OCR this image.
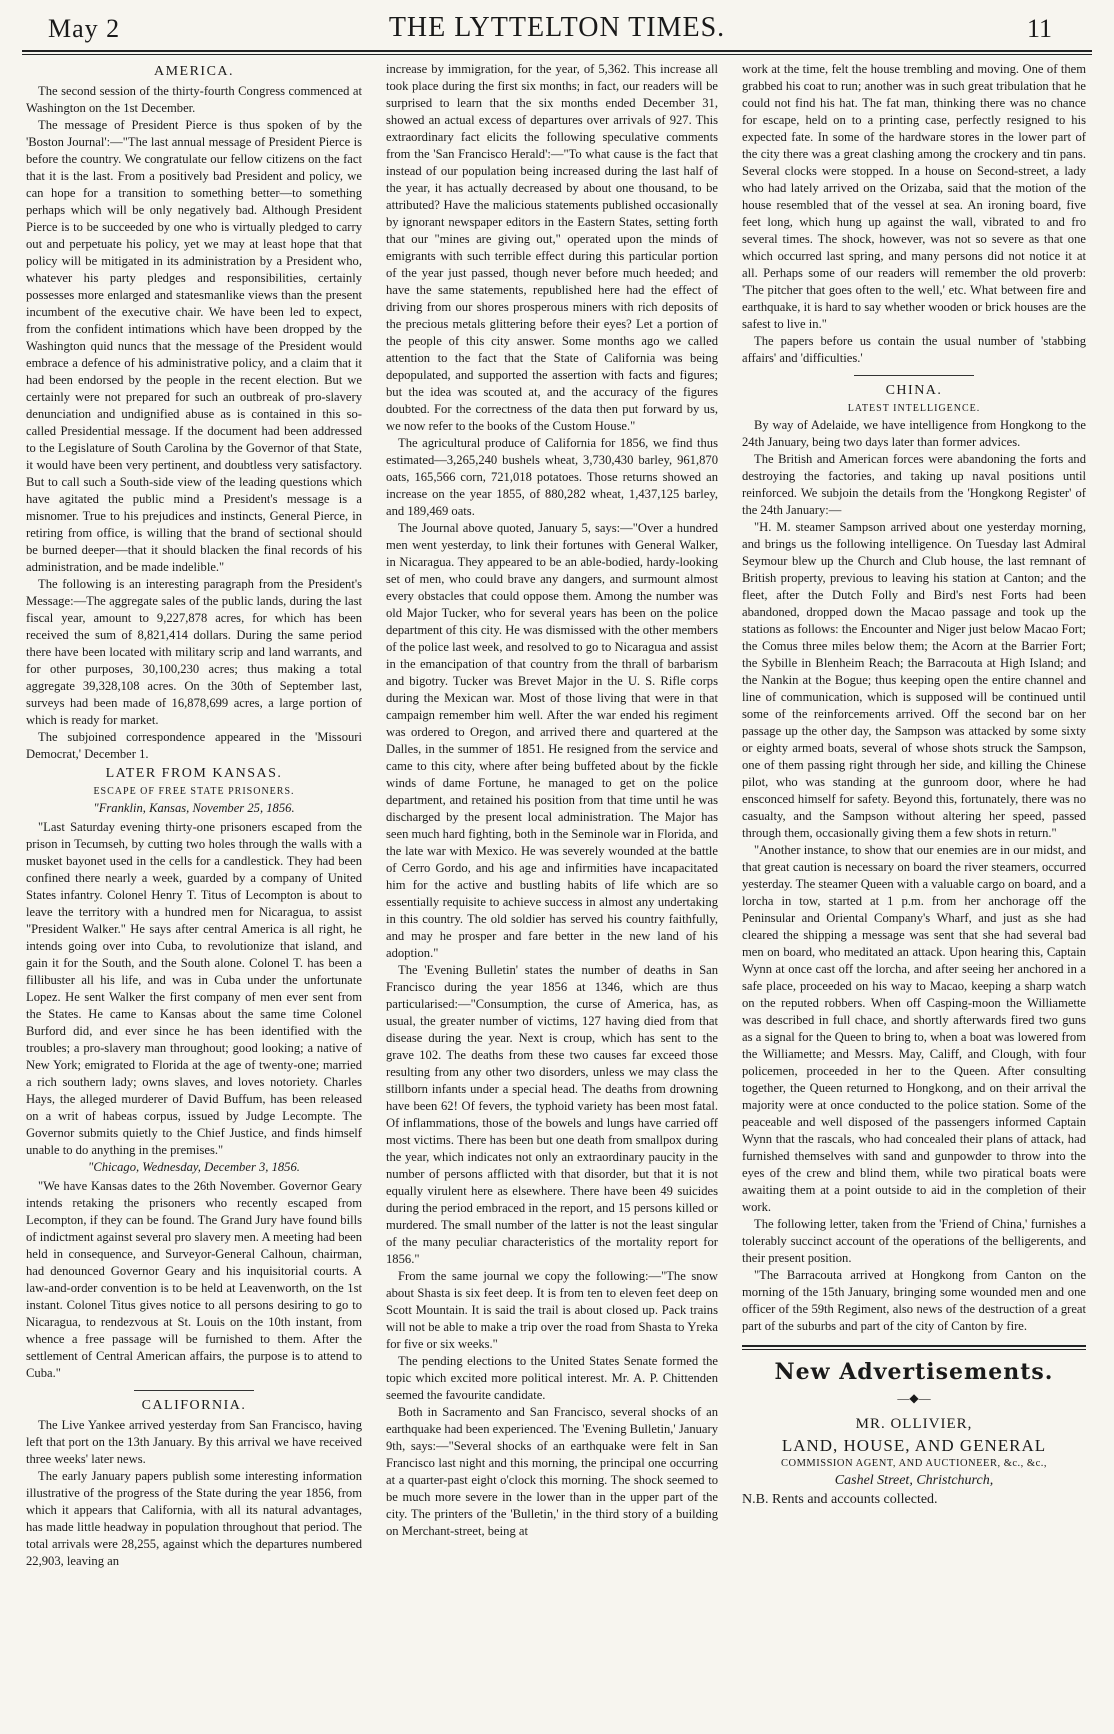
May 2	THE LYTTELTON TIMES.	11
AMERICA.

The second session of the thirty-fourth Congress commenced at Washington on the 1st December.

The message of President Pierce is thus spoken of by the 'Boston Journal':—"The last annual message of President Pierce is before the country. We congratulate our fellow citizens on the fact that it is the last. From a positively bad President and policy, we can hope for a transition to something better—to something perhaps which will be only negatively bad. Although President Pierce is to be succeeded by one who is virtually pledged to carry out and perpetuate his policy, yet we may at least hope that that policy will be mitigated in its administration by a President who, whatever his party pledges and responsibilities, certainly possesses more enlarged and statesmanlike views than the present incumbent of the executive chair. We have been led to expect, from the confident intimations which have been dropped by the Washington quid nuncs that the message of the President would embrace a defence of his administrative policy, and a claim that it had been endorsed by the people in the recent election. But we certainly were not prepared for such an outbreak of pro-slavery denunciation and undignified abuse as is contained in this so-called Presidential message. If the document had been addressed to the Legislature of South Carolina by the Governor of that State, it would have been very pertinent, and doubtless very satisfactory. But to call such a South-side view of the leading questions which have agitated the public mind a President's message is a misnomer. True to his prejudices and instincts, General Pierce, in retiring from office, is willing that the brand of sectional should be burned deeper—that it should blacken the final records of his administration, and be made indelible."

The following is an interesting paragraph from the President's Message:—The aggregate sales of the public lands, during the last fiscal year, amount to 9,227,878 acres, for which has been received the sum of 8,821,414 dollars. During the same period there have been located with military scrip and land warrants, and for other purposes, 30,100,230 acres; thus making a total aggregate 39,328,108 acres. On the 30th of September last, surveys had been made of 16,878,699 acres, a large portion of which is ready for market.

The subjoined correspondence appeared in the 'Missouri Democrat,' December 1.

LATER FROM KANSAS.
ESCAPE OF FREE STATE PRISONERS.
"Franklin, Kansas, November 25, 1856.

"Last Saturday evening thirty-one prisoners escaped from the prison in Tecumseh, by cutting two holes through the walls with a musket bayonet used in the cells for a candlestick. They had been confined there nearly a week, guarded by a company of United States infantry. Colonel Henry T. Titus of Lecompton is about to leave the territory with a hundred men for Nicaragua, to assist "President Walker." He says after central America is all right, he intends going over into Cuba, to revolutionize that island, and gain it for the South, and the South alone. Colonel T. has been a fillibuster all his life, and was in Cuba under the unfortunate Lopez. He sent Walker the first company of men ever sent from the States. He came to Kansas about the same time Colonel Burford did, and ever since he has been identified with the troubles; a pro-slavery man throughout; good looking; a native of New York; emigrated to Florida at the age of twenty-one; married a rich southern lady; owns slaves, and loves notoriety. Charles Hays, the alleged murderer of David Buffum, has been released on a writ of habeas corpus, issued by Judge Lecompte. The Governor submits quietly to the Chief Justice, and finds himself unable to do anything in the premises."

"Chicago, Wednesday, December 3, 1856.

"We have Kansas dates to the 26th November. Governor Geary intends retaking the prisoners who recently escaped from Lecompton, if they can be found. The Grand Jury have found bills of indictment against several pro slavery men. A meeting had been held in consequence, and Surveyor-General Calhoun, chairman, had denounced Governor Geary and his inquisitorial courts. A law-and-order convention is to be held at Leavenworth, on the 1st instant. Colonel Titus gives notice to all persons desiring to go to Nicaragua, to rendezvous at St. Louis on the 10th instant, from whence a free passage will be furnished to them. After the settlement of Central American affairs, the purpose is to attend to Cuba."

CALIFORNIA.

The Live Yankee arrived yesterday from San Francisco, having left that port on the 13th January. By this arrival we have received three weeks' later news.

The early January papers publish some interesting information illustrative of the progress of the State during the year 1856, from which it appears that California, with all its natural advantages, has made little headway in population throughout that period. The total arrivals were 28,255, against which the departures numbered 22,903, leaving an

increase by immigration, for the year, of 5,362. This increase all took place during the first six months; in fact, our readers will be surprised to learn that the six months ended December 31, showed an actual excess of departures over arrivals of 927. This extraordinary fact elicits the following speculative comments from the 'San Francisco Herald':—"To what cause is the fact that instead of our population being increased during the last half of the year, it has actually decreased by about one thousand, to be attributed? Have the malicious statements published occasionally by ignorant newspaper editors in the Eastern States, setting forth that our "mines are giving out," operated upon the minds of emigrants with such terrible effect during this particular portion of the year just passed, though never before much heeded; and have the same statements, republished here had the effect of driving from our shores prosperous miners with rich deposits of the precious metals glittering before their eyes? Let a portion of the people of this city answer. Some months ago we called attention to the fact that the State of California was being depopulated, and supported the assertion with facts and figures; but the idea was scouted at, and the accuracy of the figures doubted. For the correctness of the data then put forward by us, we now refer to the books of the Custom House."

The agricultural produce of California for 1856, we find thus estimated—3,265,240 bushels wheat, 3,730,430 barley, 961,870 oats, 165,566 corn, 721,018 potatoes. Those returns showed an increase on the year 1855, of 880,282 wheat, 1,437,125 barley, and 189,469 oats.

The Journal above quoted, January 5, says:—"Over a hundred men went yesterday, to link their fortunes with General Walker, in Nicaragua. They appeared to be an able-bodied, hardy-looking set of men, who could brave any dangers, and surmount almost every obstacles that could oppose them. Among the number was old Major Tucker, who for several years has been on the police department of this city. He was dismissed with the other members of the police last week, and resolved to go to Nicaragua and assist in the emancipation of that country from the thrall of barbarism and bigotry. Tucker was Brevet Major in the U. S. Rifle corps during the Mexican war. Most of those living that were in that campaign remember him well. After the war ended his regiment was ordered to Oregon, and arrived there and quartered at the Dalles, in the summer of 1851. He resigned from the service and came to this city, where after being buffeted about by the fickle winds of dame Fortune, he managed to get on the police department, and retained his position from that time until he was discharged by the present local administration. The Major has seen much hard fighting, both in the Seminole war in Florida, and the late war with Mexico. He was severely wounded at the battle of Cerro Gordo, and his age and infirmities have incapacitated him for the active and bustling habits of life which are so essentially requisite to achieve success in almost any undertaking in this country. The old soldier has served his country faithfully, and may he prosper and fare better in the new land of his adoption."

The 'Evening Bulletin' states the number of deaths in San Francisco during the year 1856 at 1346, which are thus particularised:—"Consumption, the curse of America, has, as usual, the greater number of victims, 127 having died from that disease during the year. Next is croup, which has sent to the grave 102. The deaths from these two causes far exceed those resulting from any other two disorders, unless we may class the stillborn infants under a special head. The deaths from drowning have been 62! Of fevers, the typhoid variety has been most fatal. Of inflammations, those of the bowels and lungs have carried off most victims. There has been but one death from smallpox during the year, which indicates not only an extraordinary paucity in the number of persons afflicted with that disorder, but that it is not equally virulent here as elsewhere. There have been 49 suicides during the period embraced in the report, and 15 persons killed or murdered. The small number of the latter is not the least singular of the many peculiar characteristics of the mortality report for 1856."

From the same journal we copy the following:—"The snow about Shasta is six feet deep. It is from ten to eleven feet deep on Scott Mountain. It is said the trail is about closed up. Pack trains will not be able to make a trip over the road from Shasta to Yreka for five or six weeks."

The pending elections to the United States Senate formed the topic which excited more political interest. Mr. A. P. Chittenden seemed the favourite candidate.

Both in Sacramento and San Francisco, several shocks of an earthquake had been experienced. The 'Evening Bulletin,' January 9th, says:—"Several shocks of an earthquake were felt in San Francisco last night and this morning, the principal one occurring at a quarter-past eight o'clock this morning. The shock seemed to be much more severe in the lower than in the upper part of the city. The printers of the 'Bulletin,' in the third story of a building on Merchant-street, being at

work at the time, felt the house trembling and moving. One of them grabbed his coat to run; another was in such great tribulation that he could not find his hat. The fat man, thinking there was no chance for escape, held on to a printing case, perfectly resigned to his expected fate. In some of the hardware stores in the lower part of the city there was a great clashing among the crockery and tin pans. Several clocks were stopped. In a house on Second-street, a lady who had lately arrived on the Orizaba, said that the motion of the house resembled that of the vessel at sea. An ironing board, five feet long, which hung up against the wall, vibrated to and fro several times. The shock, however, was not so severe as that one which occurred last spring, and many persons did not notice it at all. Perhaps some of our readers will remember the old proverb: 'The pitcher that goes often to the well,' etc. What between fire and earthquake, it is hard to say whether wooden or brick houses are the safest to live in."

The papers before us contain the usual number of 'stabbing affairs' and 'difficulties.'

CHINA.
LATEST INTELLIGENCE.

By way of Adelaide, we have intelligence from Hongkong to the 24th January, being two days later than former advices.

The British and American forces were abandoning the forts and destroying the factories, and taking up naval positions until reinforced. We subjoin the details from the 'Hongkong Register' of the 24th January:—

"H. M. steamer Sampson arrived about one yesterday morning, and brings us the following intelligence. On Tuesday last Admiral Seymour blew up the Church and Club house, the last remnant of British property, previous to leaving his station at Canton; and the fleet, after the Dutch Folly and Bird's nest Forts had been abandoned, dropped down the Macao passage and took up the stations as follows: the Encounter and Niger just below Macao Fort; the Comus three miles below them; the Acorn at the Barrier Fort; the Sybille in Blenheim Reach; the Barracouta at High Island; and the Nankin at the Bogue; thus keeping open the entire channel and line of communication, which is supposed will be continued until some of the reinforcements arrived. Off the second bar on her passage up the other day, the Sampson was attacked by some sixty or eighty armed boats, several of whose shots struck the Sampson, one of them passing right through her side, and killing the Chinese pilot, who was standing at the gunroom door, where he had ensconced himself for safety. Beyond this, fortunately, there was no casualty, and the Sampson without altering her speed, passed through them, occasionally giving them a few shots in return."

"Another instance, to show that our enemies are in our midst, and that great caution is necessary on board the river steamers, occurred yesterday. The steamer Queen with a valuable cargo on board, and a lorcha in tow, started at 1 p.m. from her anchorage off the Peninsular and Oriental Company's Wharf, and just as she had cleared the shipping a message was sent that she had several bad men on board, who meditated an attack. Upon hearing this, Captain Wynn at once cast off the lorcha, and after seeing her anchored in a safe place, proceeded on his way to Macao, keeping a sharp watch on the reputed robbers. When off Casping-moon the Williamette was described in full chace, and shortly afterwards fired two guns as a signal for the Queen to bring to, when a boat was lowered from the Williamette; and Messrs. May, Califf, and Clough, with four policemen, proceeded in her to the Queen. After consulting together, the Queen returned to Hongkong, and on their arrival the majority were at once conducted to the police station. Some of the peaceable and well disposed of the passengers informed Captain Wynn that the rascals, who had concealed their plans of attack, had furnished themselves with sand and gunpowder to throw into the eyes of the crew and blind them, while two piratical boats were awaiting them at a point outside to aid in the completion of their work.

The following letter, taken from the 'Friend of China,' furnishes a tolerably succinct account of the operations of the belligerents, and their present position.

"The Barracouta arrived at Hongkong from Canton on the morning of the 15th January, bringing some wounded men and one officer of the 59th Regiment, also news of the destruction of a great part of the suburbs and part of the city of Canton by fire.

New Advertisements.
—◆—

MR. OLLIVIER,

LAND, HOUSE, AND GENERAL

COMMISSION AGENT, AND AUCTIONEER, &c., &c.,

Cashel Street, Christchurch,

N.B. Rents and accounts collected.
